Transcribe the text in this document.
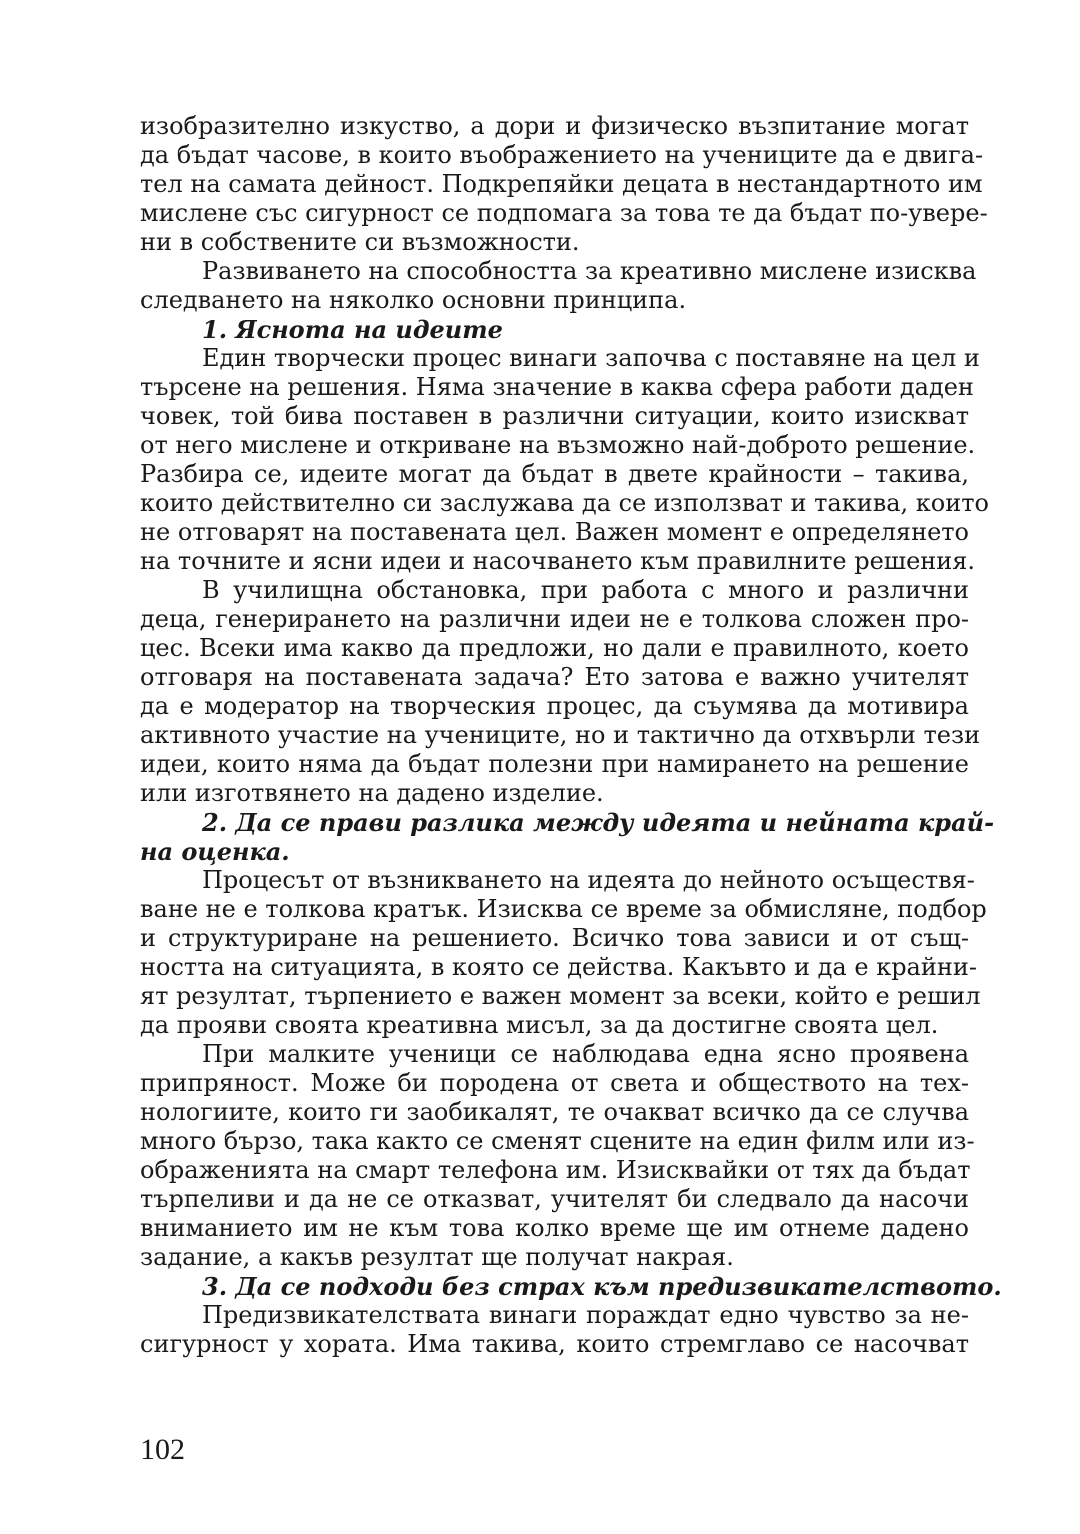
изобразително изкуство, а дори и физическо възпитание могат
да бъдат часове, в които въображението на учениците да е двига-
тел на самата дейност. Подкрепяйки децата в нестандартното им
мислене със сигурност се подпомага за това те да бъдат по-увере-
ни в собствените си възможности.
Развиването на способността за креативно мислене изисква
следването на няколко основни принципа.
1. Яснота на идеите
Един творчески процес винаги започва с поставяне на цел и
търсене на решения. Няма значение в каква сфера работи даден
човек, той бива поставен в различни ситуации, които изискват
от него мислене и откриване на възможно най-доброто решение.
Разбира се, идеите могат да бъдат в двете крайности – такива,
които действително си заслужава да се използват и такива, които
не отговарят на поставената цел. Важен момент е определянето
на точните и ясни идеи и насочването към правилните решения.
В училищна обстановка, при работа с много и различни
деца, генерирането на различни идеи не е толкова сложен про-
цес. Всеки има какво да предложи, но дали е правилното, което
отговаря на поставената задача? Ето затова е важно учителят
да е модератор на творческия процес, да съумява да мотивира
активното участие на учениците, но и тактично да отхвърли тези
идеи, които няма да бъдат полезни при намирането на решение
или изготвянето на дадено изделие.
2. Да се прави разлика между идеята и нейната край-
на оценка.
Процесът от възникването на идеята до нейното осъществя-
ване не е толкова кратък. Изисква се време за обмисляне, подбор
и структуриране на решението. Всичко това зависи и от същ-
ността на ситуацията, в която се действа. Какъвто и да е крайни-
ят резултат, търпението е важен момент за всеки, който е решил
да прояви своята креативна мисъл, за да достигне своята цел.
При малките ученици се наблюдава една ясно проявена
припряност. Може би породена от света и обществото на тех-
нологиите, които ги заобикалят, те очакват всичко да се случва
много бързо, така както се сменят сцените на един филм или из-
ображенията на смарт телефона им. Изисквайки от тях да бъдат
търпеливи и да не се отказват, учителят би следвало да насочи
вниманието им не към това колко време ще им отнеме дадено
задание, а какъв резултат ще получат накрая.
3. Да се подходи без страх към предизвикателството.
Предизвикателствата винаги пораждат едно чувство за не-
сигурност у хората. Има такива, които стремглаво се насочват
102
